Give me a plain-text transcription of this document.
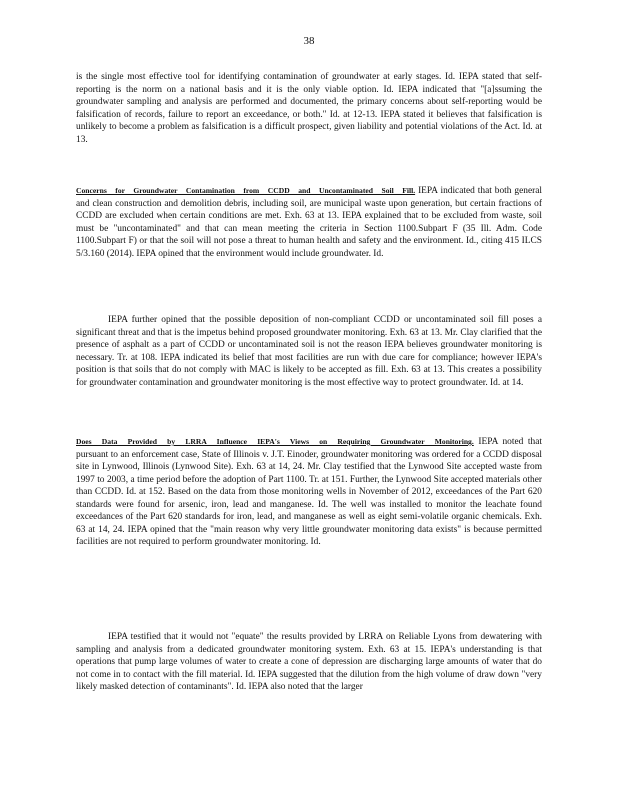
38

is the single most effective tool for identifying contamination of groundwater at early stages. Id. IEPA stated that self-reporting is the norm on a national basis and it is the only viable option. Id. IEPA indicated that "[a]ssuming the groundwater sampling and analysis are performed and documented, the primary concerns about self-reporting would be falsification of records, failure to report an exceedance, or both." Id. at 12-13. IEPA stated it believes that falsification is unlikely to become a problem as falsification is a difficult prospect, given liability and potential violations of the Act. Id. at 13.

Concerns for Groundwater Contamination from CCDD and Uncontaminated Soil Fill. IEPA indicated that both general and clean construction and demolition debris, including soil, are municipal waste upon generation, but certain fractions of CCDD are excluded when certain conditions are met. Exh. 63 at 13. IEPA explained that to be excluded from waste, soil must be "uncontaminated" and that can mean meeting the criteria in Section 1100.Subpart F (35 Ill. Adm. Code 1100.Subpart F) or that the soil will not pose a threat to human health and safety and the environment. Id., citing 415 ILCS 5/3.160 (2014). IEPA opined that the environment would include groundwater. Id.

IEPA further opined that the possible deposition of non-compliant CCDD or uncontaminated soil fill poses a significant threat and that is the impetus behind proposed groundwater monitoring. Exh. 63 at 13. Mr. Clay clarified that the presence of asphalt as a part of CCDD or uncontaminated soil is not the reason IEPA believes groundwater monitoring is necessary. Tr. at 108. IEPA indicated its belief that most facilities are run with due care for compliance; however IEPA's position is that soils that do not comply with MAC is likely to be accepted as fill. Exh. 63 at 13. This creates a possibility for groundwater contamination and groundwater monitoring is the most effective way to protect groundwater. Id. at 14.

Does Data Provided by LRRA Influence IEPA's Views on Requiring Groundwater Monitoring. IEPA noted that pursuant to an enforcement case, State of Illinois v. J.T. Einoder, groundwater monitoring was ordered for a CCDD disposal site in Lynwood, Illinois (Lynwood Site). Exh. 63 at 14, 24. Mr. Clay testified that the Lynwood Site accepted waste from 1997 to 2003, a time period before the adoption of Part 1100. Tr. at 151. Further, the Lynwood Site accepted materials other than CCDD. Id. at 152. Based on the data from those monitoring wells in November of 2012, exceedances of the Part 620 standards were found for arsenic, iron, lead and manganese. Id. The well was installed to monitor the leachate found exceedances of the Part 620 standards for iron, lead, and manganese as well as eight semi-volatile organic chemicals. Exh. 63 at 14, 24. IEPA opined that the "main reason why very little groundwater monitoring data exists" is because permitted facilities are not required to perform groundwater monitoring. Id.

IEPA testified that it would not "equate" the results provided by LRRA on Reliable Lyons from dewatering with sampling and analysis from a dedicated groundwater monitoring system. Exh. 63 at 15. IEPA's understanding is that operations that pump large volumes of water to create a cone of depression are discharging large amounts of water that do not come in to contact with the fill material. Id. IEPA suggested that the dilution from the high volume of draw down "very likely masked detection of contaminants". Id. IEPA also noted that the larger
